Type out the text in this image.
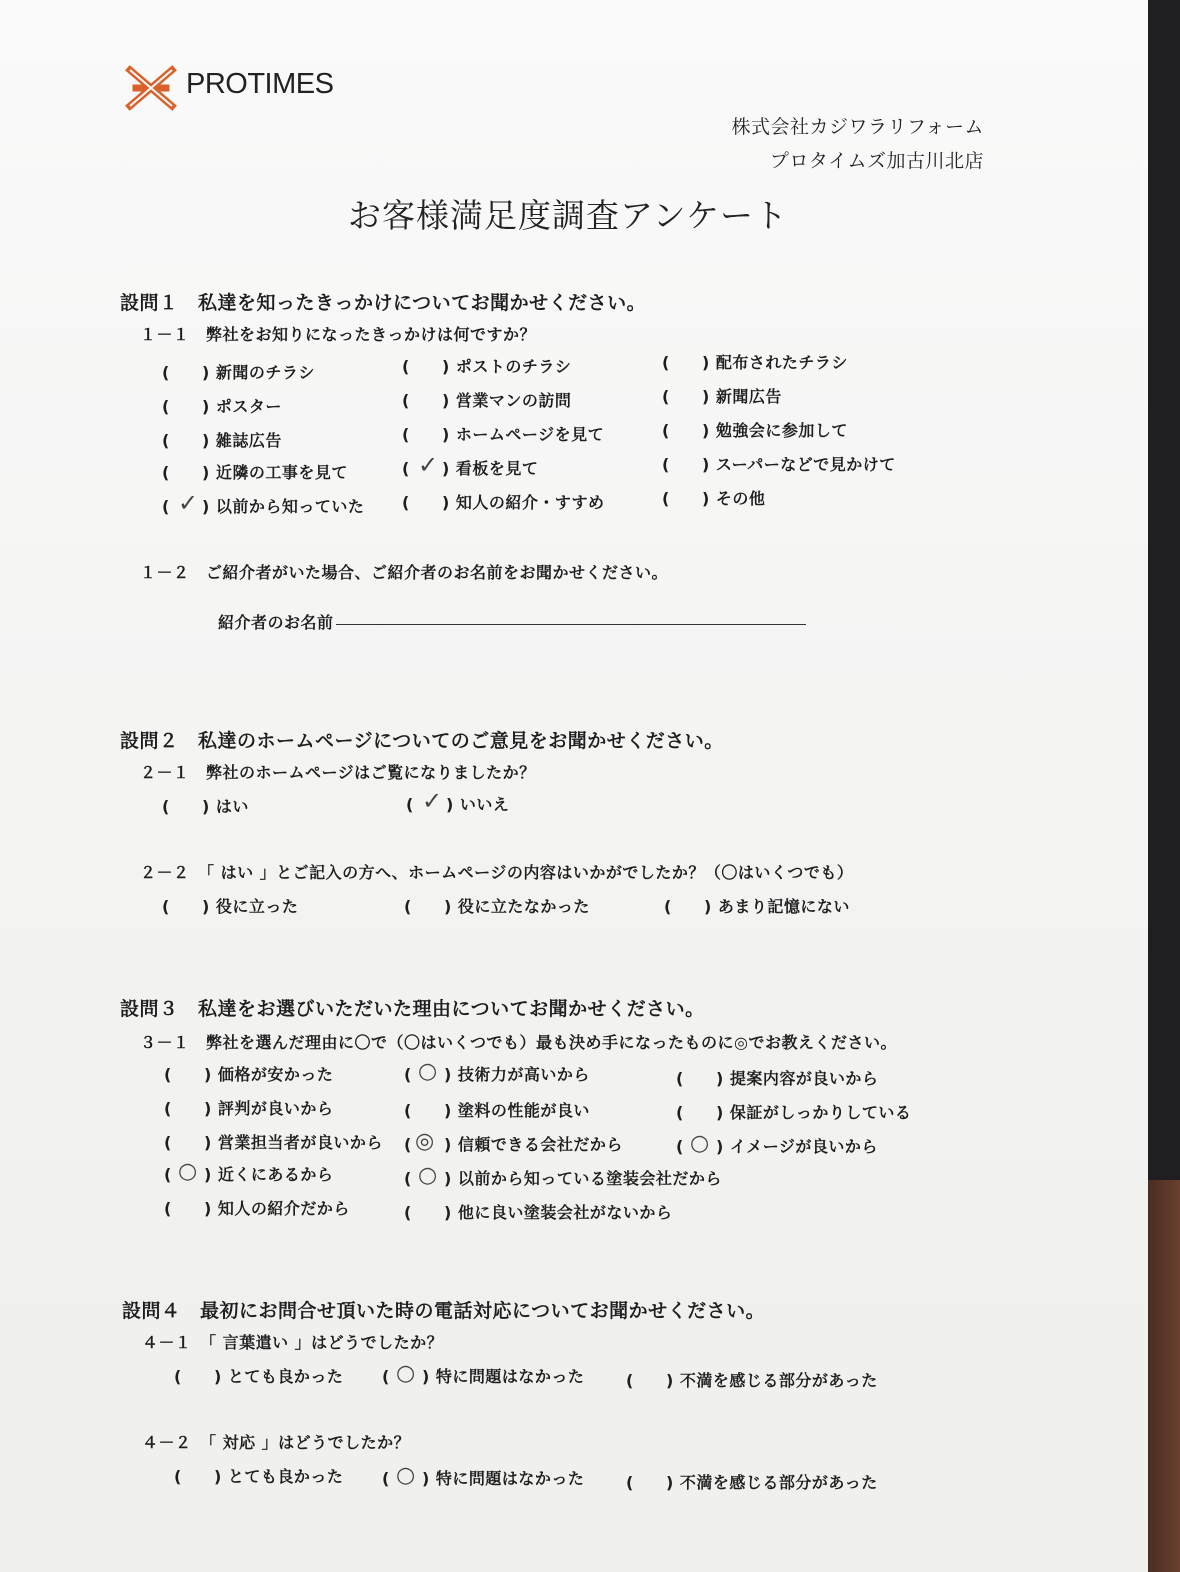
PROTIMES
株式会社カジワラリフォーム
プロタイムズ加古川北店
お客様満足度調査アンケート
設問１　私達を知ったきっかけについてお聞かせください。
１－１　弊社をお知りになったきっかけは何ですか？
( ) 新聞のチラシ	( ) ポストのチラシ	( ) 配布されたチラシ
( ) ポスター	( ) 営業マンの訪問	( ) 新聞広告
( ) 雑誌広告	( ) ホームページを見て	( ) 勉強会に参加して
( ) 近隣の工事を見て	( ✓ ) 看板を見て	( ) スーパーなどで見かけて
( ✓ ) 以前から知っていた ( ) 知人の紹介・すすめ	( ) その他
１－２　ご紹介者がいた場合、ご紹介者のお名前をお聞かせください。
紹介者のお名前
設問２　私達のホームページについてのご意見をお聞かせください。
２－１　弊社のホームページはご覧になりましたか？
( ) はい	( ✓ ) いいえ
２－２　「 はい 」とご記入の方へ、ホームページの内容はいかがでしたか？（〇はいくつでも）
( ) 役に立った	( ) 役に立たなかった	( ) あまり記憶にない
設問３　私達をお選びいただいた理由についてお聞かせください。
３－１　弊社を選んだ理由に〇で（〇はいくつでも）最も決め手になったものに◎でお教えください。
( ) 価格が安かった	( ○ ) 技術力が高いから	( ) 提案内容が良いから
( ) 評判が良いから	( ) 塗料の性能が良い	( ) 保証がしっかりしている
( ) 営業担当者が良いから ( ◎ ) 信頼できる会社だから	( ○ ) イメージが良いから
( ○ ) 近くにあるから	( ○ ) 以前から知っている塗装会社だから
( ) 知人の紹介だから	( ) 他に良い塗装会社がないから
設問４　最初にお問合せ頂いた時の電話対応についてお聞かせください。
４－１　「 言葉遣い 」はどうでしたか？
( ) とても良かった ( ○ ) 特に問題はなかった	( ) 不満を感じる部分があった
４－２　「 対応 」はどうでしたか？
( ) とても良かった ( ○ ) 特に問題はなかった	( ) 不満を感じる部分があった
